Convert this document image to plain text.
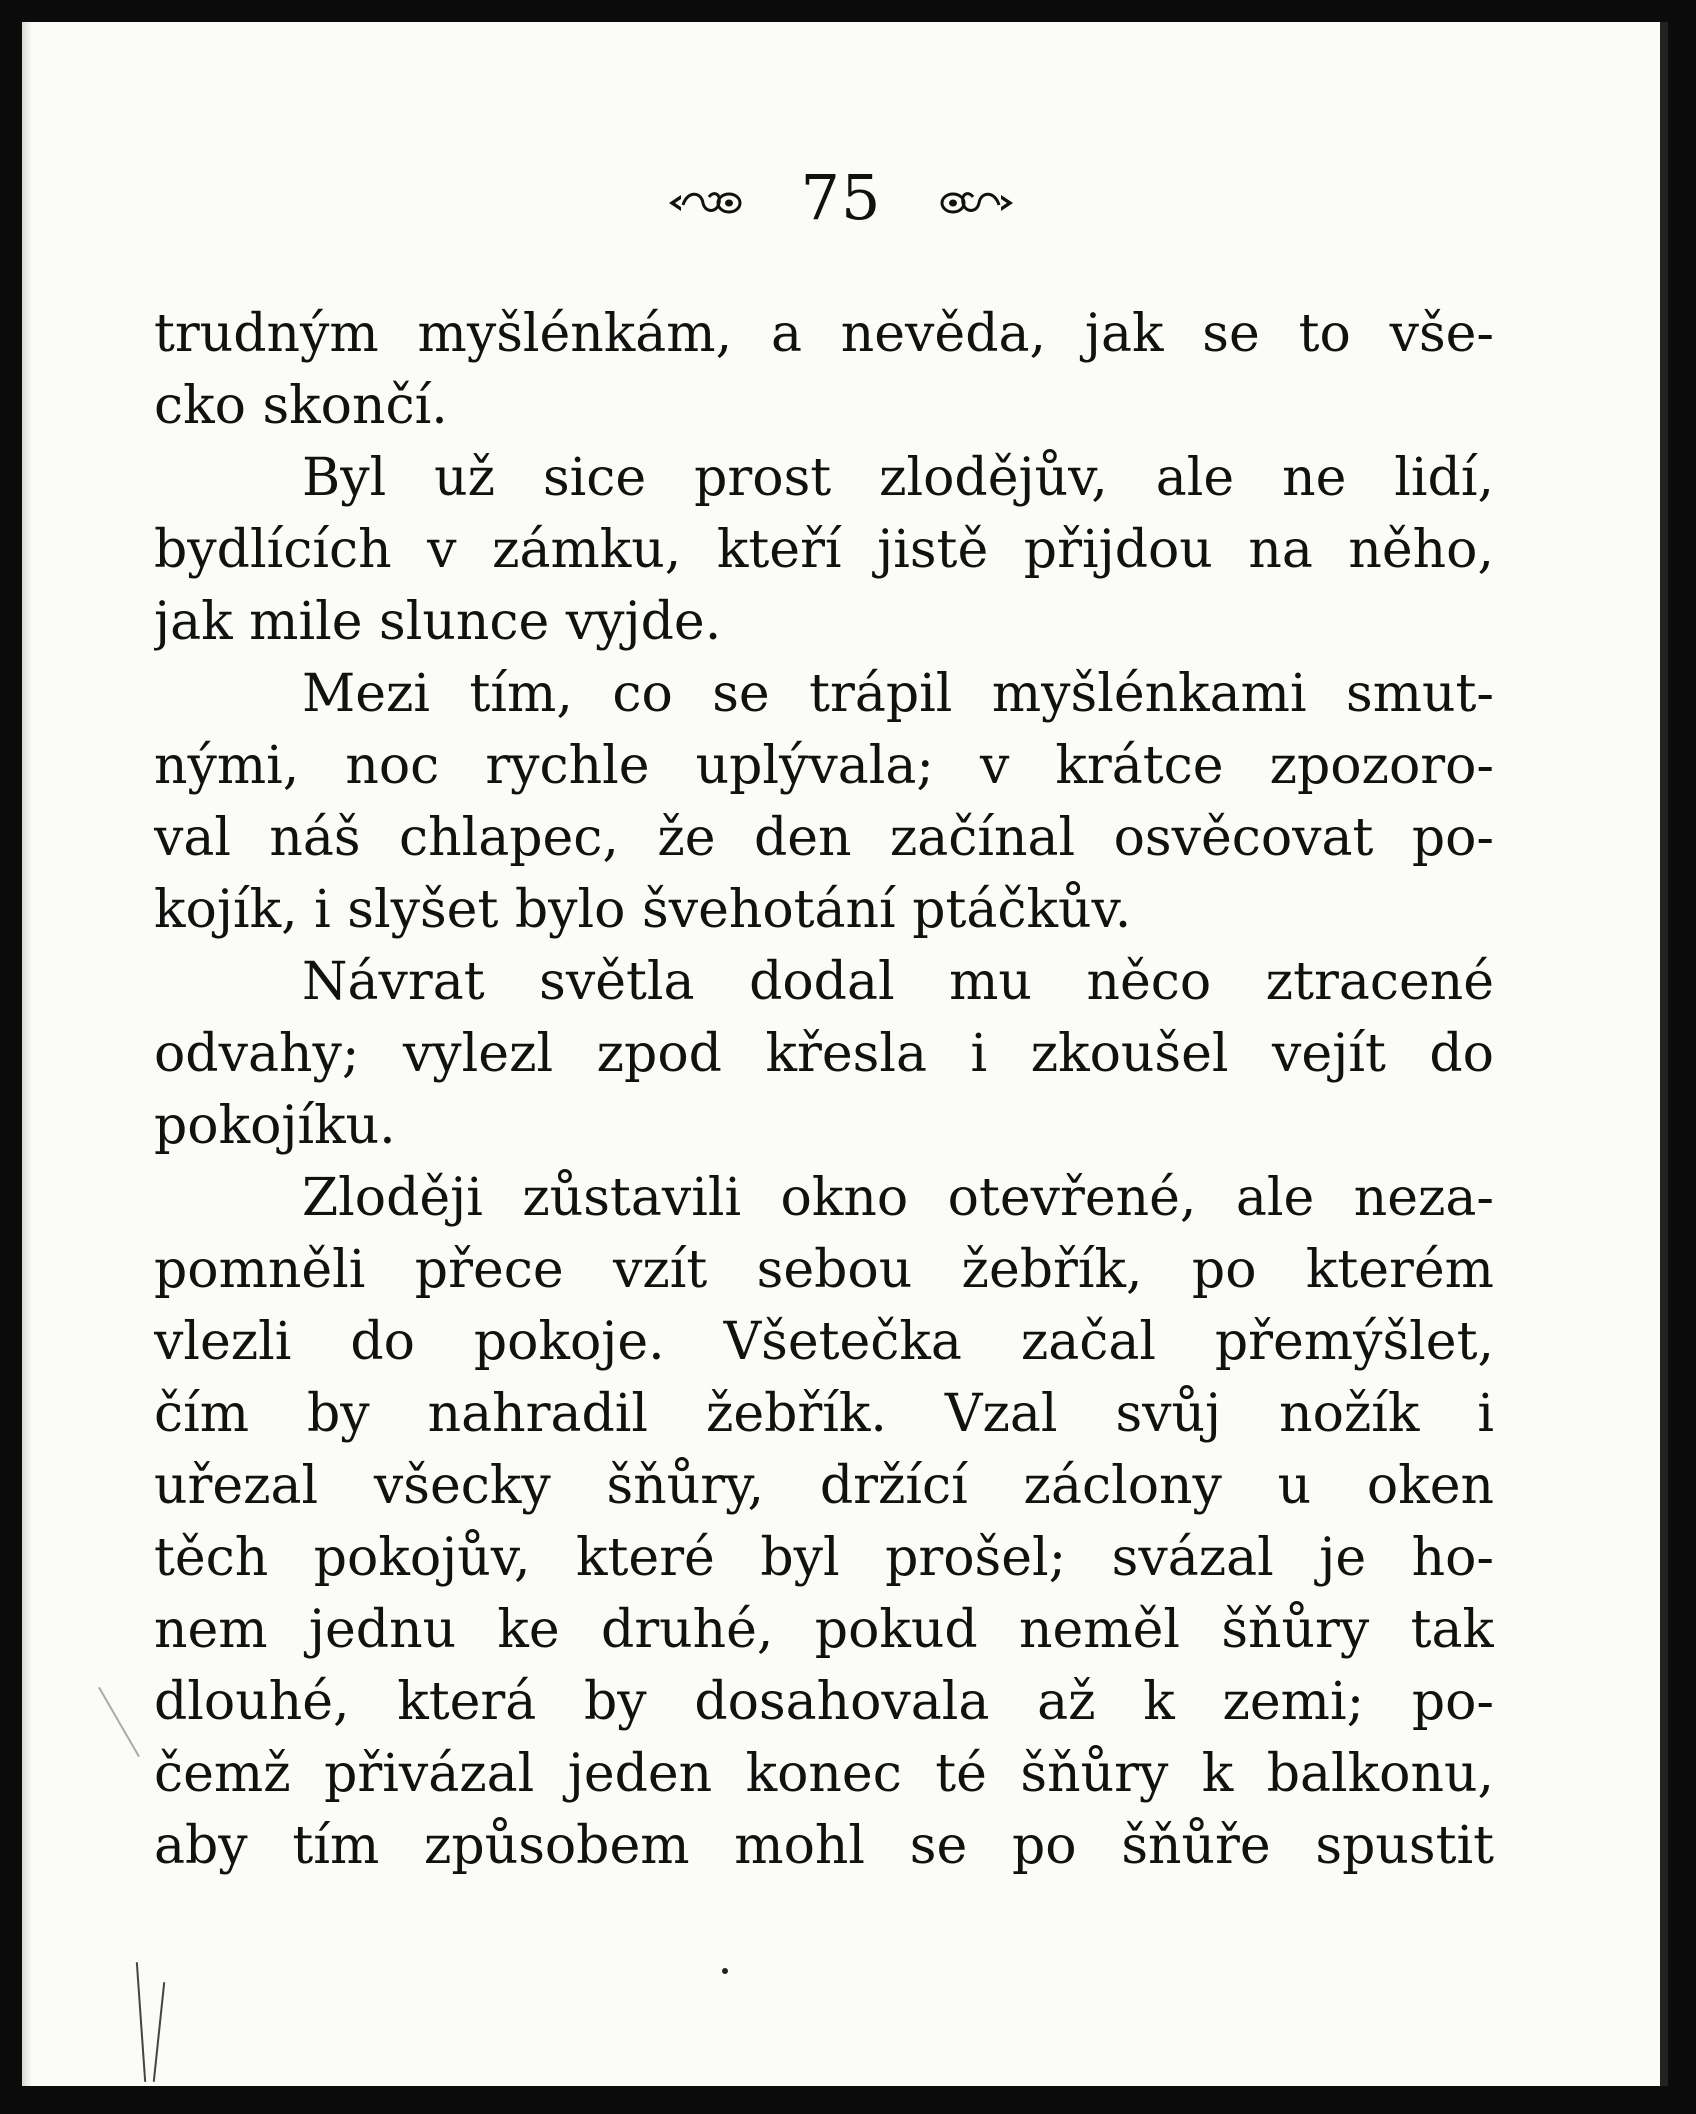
75
trudným myšlénkám, a nevěda, jak se to vše-
cko skončí.
Byl už sice prost zlodějův, ale ne lidí,
bydlících v zámku, kteří jistě přijdou na něho,
jak mile slunce vyjde.
Mezi tím, co se trápil myšlénkami smut-
nými, noc rychle uplývala; v krátce zpozoro-
val náš chlapec, že den začínal osvěcovat po-
kojík, i slyšet bylo švehotání ptáčkův.
Návrat světla dodal mu něco ztracené
odvahy; vylezl zpod křesla i zkoušel vejít do
pokojíku.
Zloději zůstavili okno otevřené, ale neza-
pomněli přece vzít sebou žebřík, po kterém
vlezli do pokoje. Všetečka začal přemýšlet,
čím by nahradil žebřík. Vzal svůj nožík i
uřezal všecky šňůry, držící záclony u oken
těch pokojův, které byl prošel; svázal je ho-
nem jednu ke druhé, pokud neměl šňůry tak
dlouhé, která by dosahovala až k zemi; po-
čemž přivázal jeden konec té šňůry k balkonu,
aby tím způsobem mohl se po šňůře spustit
